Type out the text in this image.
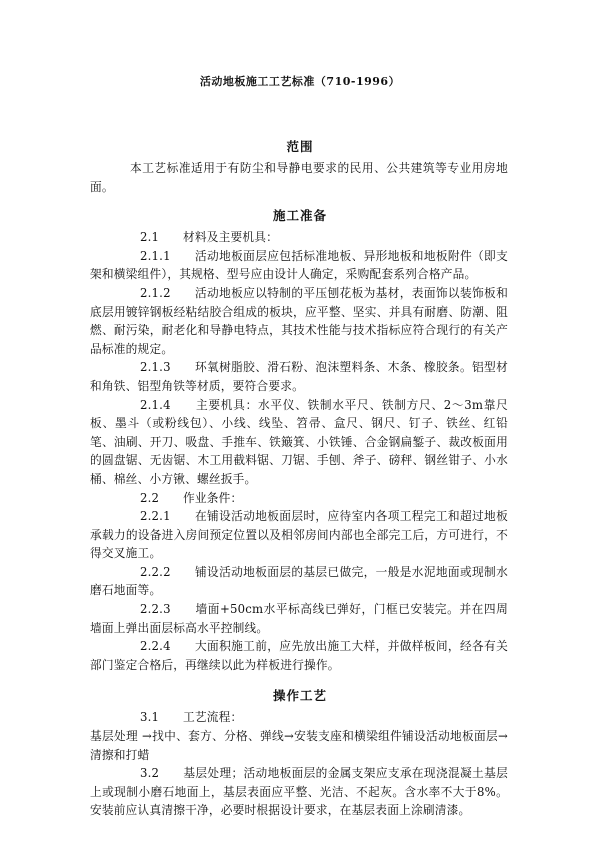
活动地板施工工艺标准（710-1996）
范围
本工艺标准适用于有防尘和导静电要求的民用、公共建筑等专业用房地面。
施工准备
2.1　　材料及主要机具：
2.1.1　　活动地板面层应包括标准地板、异形地板和地板附件（即支架和横梁组件），其规格、型号应由设计人确定，采购配套系列合格产品。
2.1.2　　活动地板应以特制的平压刨花板为基材，表面饰以装饰板和底层用镀锌钢板经粘结胶合组成的板块，应平整、坚实、并具有耐磨、防潮、阻燃、耐污染，耐老化和导静电特点，其技术性能与技术指标应符合现行的有关产品标准的规定。
2.1.3　　环氧树脂胶、滑石粉、泡沫塑料条、木条、橡胶条。铝型材和角铁、铝型角铁等材质，要符合要求。
2.1.4　　主要机具：水平仪、铁制水平尺、铁制方尺、2～3m靠尺板、墨斗（或粉线包）、小线、线坠、笤帚、盒尺、钢尺、钉子、铁丝、红铅笔、油刷、开刀、吸盘、手推车、铁簸箕、小铁锤、合金钢扁錾子、裁改板面用的圆盘锯、无齿锯、木工用截料锯、刀锯、手刨、斧子、磅秤、钢丝钳子、小水桶、棉丝、小方锹、螺丝扳手。
2.2　　作业条件：
2.2.1　　在铺设活动地板面层时，应待室内各项工程完工和超过地板承载力的设备进入房间预定位置以及相邻房间内部也全部完工后，方可进行，不得交叉施工。
2.2.2　　铺设活动地板面层的基层已做完，一般是水泥地面或现制水磨石地面等。
2.2.3　　墙面+50cm水平标高线已弹好，门框已安装完。并在四周墙面上弹出面层标高水平控制线。
2.2.4　　大面积施工前，应先放出施工大样，并做样板间，经各有关部门鉴定合格后，再继续以此为样板进行操作。
操作工艺
3.1　　工艺流程：
基层处理 →找中、套方、分格、弹线→安装支座和横梁组件铺设活动地板面层→清擦和打蜡
3.2　　基层处理；活动地板面层的金属支架应支承在现浇混凝土基层上或现制小磨石地面上，基层表面应平整、光洁、不起灰。含水率不大于8%。安装前应认真清擦干净，必要时根据设计要求，在基层表面上涂刷清漆。
